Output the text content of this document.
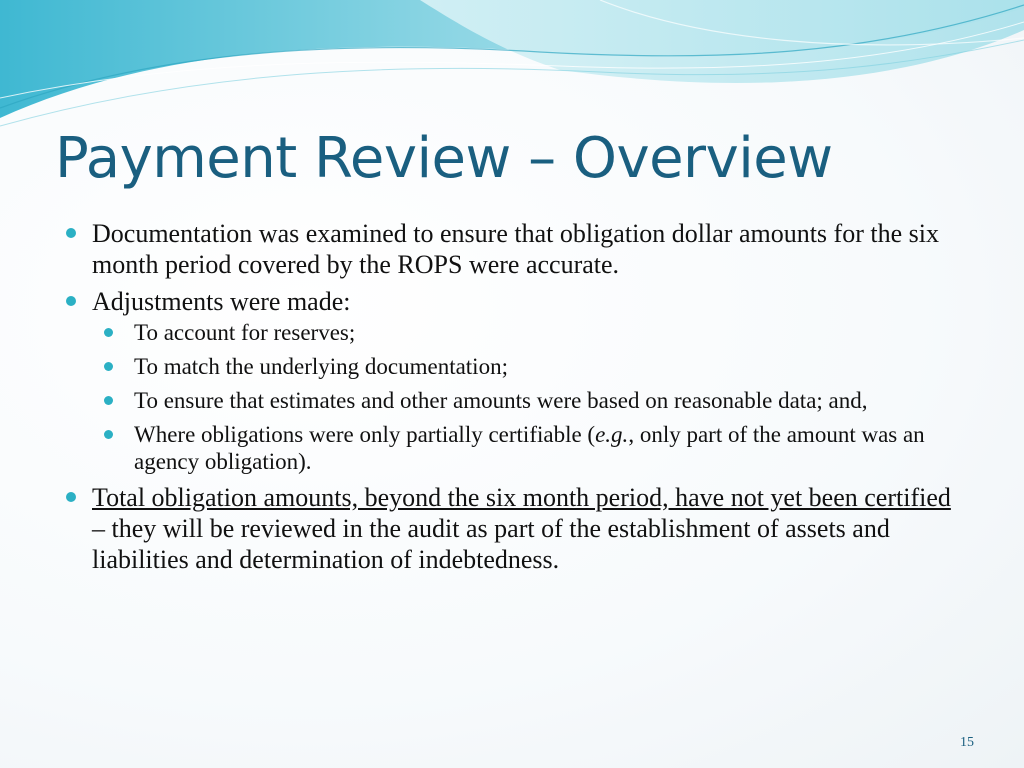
Payment Review – Overview
Documentation was examined to ensure that obligation dollar amounts for the six month period covered by the ROPS were accurate.
Adjustments were made:
To account for reserves;
To match the underlying documentation;
To ensure that estimates and other amounts were based on reasonable data; and,
Where obligations were only partially certifiable (e.g., only part of the amount was an agency obligation).
Total obligation amounts, beyond the six month period, have not yet been certified – they will be reviewed in the audit as part of the establishment of assets and liabilities and determination of indebtedness.
15
